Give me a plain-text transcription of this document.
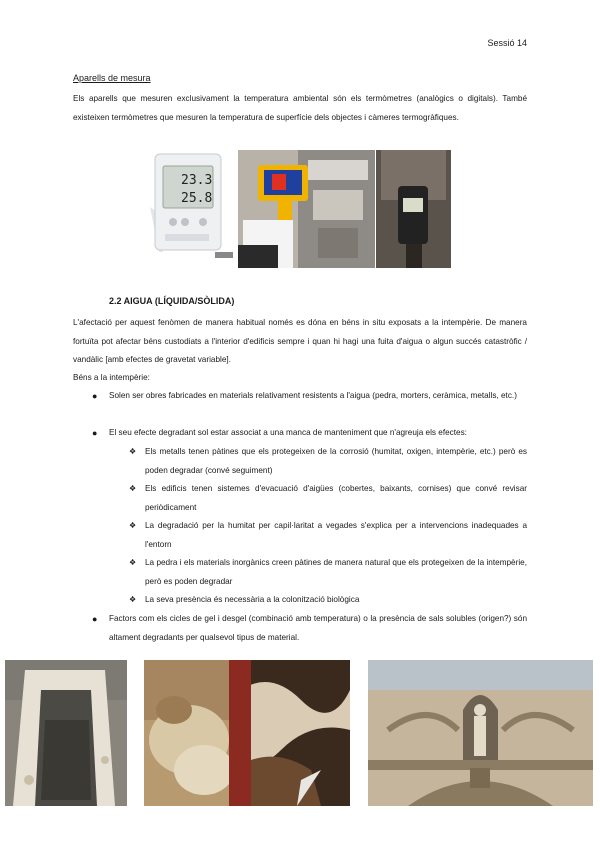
Sessió 14
Aparells de mesura
Els aparells que mesuren exclusivament la temperatura ambiental són els termòmetres (analògics o digitals). També existeixen termòmetres que mesuren la temperatura de superfície dels objectes i càmeres termogràfiques.
23.3
25.8
2.2 AIGUA (LÍQUIDA/SÒLIDA)
L'afectació per aquest fenòmen de manera habitual només es dóna en béns in situ exposats a la intempèrie. De manera fortuïta pot afectar béns custodiats a l'interior d'edificis sempre i quan hi hagi una fuita d'aigua o algun succés catastròfic / vandàlic [amb efectes de gravetat variable].
Béns a la intempèrie:
● Solen ser obres fabricades en materials relativament resistents a l'aigua (pedra, morters, ceràmica, metalls, etc.)
● El seu efecte degradant sol estar associat a una manca de manteniment que n'agreuja els efectes:
❖ Els metalls tenen pàtines que els protegeixen de la corrosió (humitat, oxigen, intempèrie, etc.) però es poden degradar (convé seguiment)
❖ Els edificis tenen sistemes d'evacuació d'aigües (cobertes, baixants, cornises) que convé revisar periòdicament
❖ La degradació per la humitat per capil·laritat a vegades s'explica per a intervencions inadequades a l'entorn
❖ La pedra i els materials inorgànics creen pàtines de manera natural que els protegeixen de la intempèrie, però es poden degradar
❖ La seva presència és necessària a la colonització biològica
● Factors com els cicles de gel i desgel (combinació amb temperatura) o la presència de sals solubles (origen?) són altament degradants per qualsevol tipus de material.
